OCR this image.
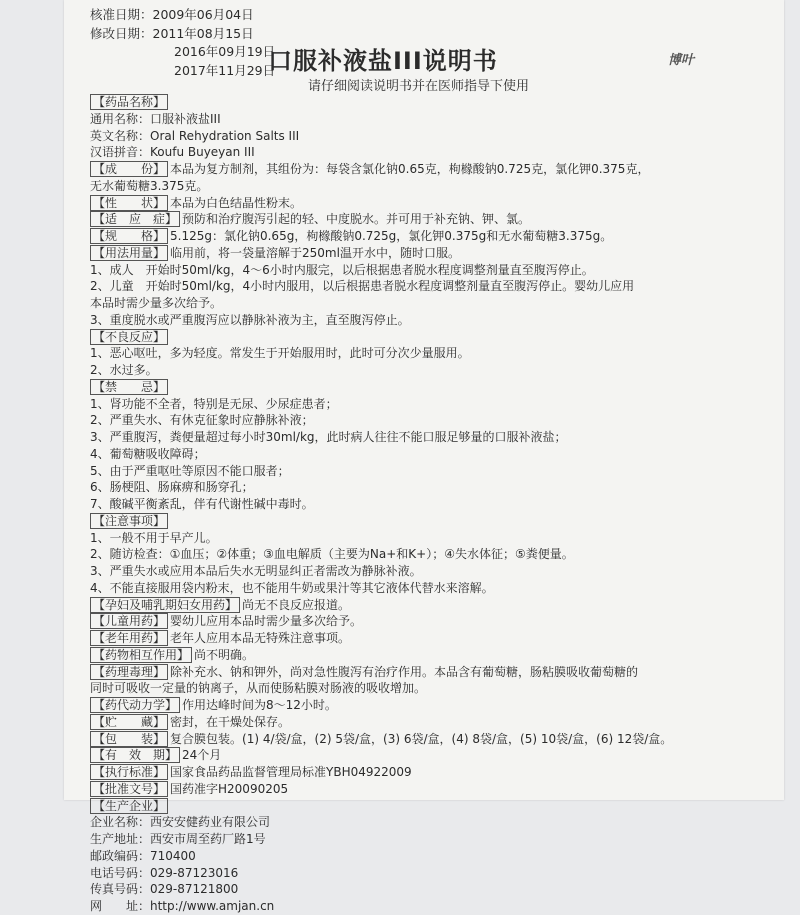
核准日期：2009年06月04日
修改日期：2011年08月15日
2016年09月19日
2017年11月29日
口服补液盐III说明书	博叶
请仔细阅读说明书并在医师指导下使用
【药品名称】
通用名称：口服补液盐III
英文名称：Oral Rehydration Salts III
汉语拼音：Koufu Buyeyan III
【成　　份】 本品为复方制剂，其组份为：每袋含氯化钠0.65克，枸橼酸钠0.725克，氯化钾0.375克，
无水葡萄糖3.375克。
【性　　状】 本品为白色结晶性粉末。
【适　应　症】 预防和治疗腹泻引起的轻、中度脱水。并可用于补充钠、钾、氯。
【规　　格】 5.125g：氯化钠0.65g，枸橼酸钠0.725g，氯化钾0.375g和无水葡萄糖3.375g。
【用法用量】 临用前，将一袋量溶解于250ml温开水中，随时口服。
1、成人　开始时50ml/kg，4～6小时内服完，以后根据患者脱水程度调整剂量直至腹泻停止。
2、儿童　开始时50ml/kg，4小时内服用，以后根据患者脱水程度调整剂量直至腹泻停止。婴幼儿应用
本品时需少量多次给予。
3、重度脱水或严重腹泻应以静脉补液为主，直至腹泻停止。
【不良反应】
1、恶心呕吐，多为轻度。常发生于开始服用时，此时可分次少量服用。
2、水过多。
【禁　　忌】
1、肾功能不全者，特别是无尿、少尿症患者；
2、严重失水、有休克征象时应静脉补液；
3、严重腹泻，粪便量超过每小时30ml/kg，此时病人往往不能口服足够量的口服补液盐；
4、葡萄糖吸收障碍；
5、由于严重呕吐等原因不能口服者；
6、肠梗阻、肠麻痹和肠穿孔；
7、酸碱平衡紊乱，伴有代谢性碱中毒时。
【注意事项】
1、一般不用于早产儿。
2、随访检查：①血压；②体重；③血电解质（主要为Na+和K+）；④失水体征；⑤粪便量。
3、严重失水或应用本品后失水无明显纠正者需改为静脉补液。
4、不能直接服用袋内粉末，也不能用牛奶或果汁等其它液体代替水来溶解。
【孕妇及哺乳期妇女用药】 尚无不良反应报道。
【儿童用药】 婴幼儿应用本品时需少量多次给予。
【老年用药】 老年人应用本品无特殊注意事项。
【药物相互作用】 尚不明确。
【药理毒理】 除补充水、钠和钾外，尚对急性腹泻有治疗作用。本品含有葡萄糖，肠粘膜吸收葡萄糖的
同时可吸收一定量的钠离子，从而使肠粘膜对肠液的吸收增加。
【药代动力学】 作用达峰时间为8～12小时。
【贮　　藏】 密封，在干燥处保存。
【包　　装】 复合膜包装。(1) 4/袋/盒，(2) 5袋/盒，(3) 6袋/盒，(4) 8袋/盒，(5) 10袋/盒，(6) 12袋/盒。
【有　效　期】 24个月
【执行标准】 国家食品药品监督管理局标准YBH04922009
【批准文号】 国药准字H20090205
【生产企业】
企业名称：西安安健药业有限公司
生产地址：西安市周至药厂路1号
邮政编码：710400
电话号码：029-87123016
传真号码：029-87121800
网　　址：http://www.amjan.cn
